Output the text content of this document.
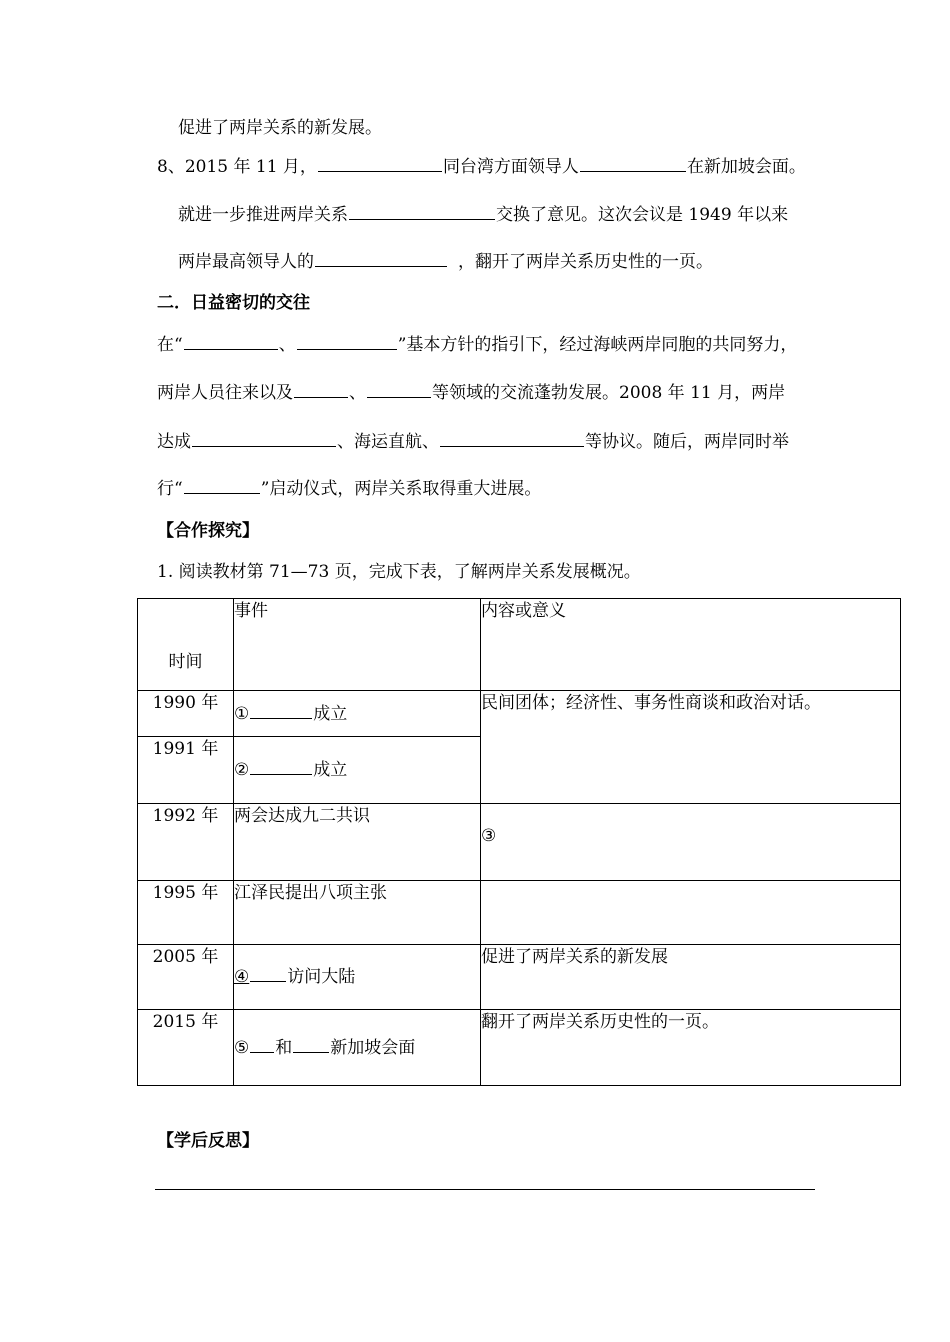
促进了两岸关系的新发展。
8、2015 年 11 月，	同台湾方面领导人	在新加坡会面。
就进一步推进两岸关系	交换了意见。这次会议是 1949 年以来
两岸最高领导人的	，翻开了两岸关系历史性的一页。
二．日益密切的交往
在“	、	”基本方针的指引下，经过海峡两岸同胞的共同努力，
两岸人员往来以及	、	等领域的交流蓬勃发展。2008 年 11 月，两岸
达成	、海运直航、	等协议。随后，两岸同时举
行“	”启动仪式，两岸关系取得重大进展。
【合作探究】
1. 阅读教材第 71—73 页，完成下表，了解两岸关系发展概况。
时间	事件	内容或意义
1990 年	① 成立	民间团体；经济性、事务性商谈和政治对话。
1991 年	② 成立	
1992 年	两会达成九二共识	③
1995 年	江泽民提出八项主张	
2005 年	④ 访问大陆	促进了两岸关系的新发展
2015 年	⑤ 和 新加坡会面	翻开了两岸关系历史性的一页。
【学后反思】
